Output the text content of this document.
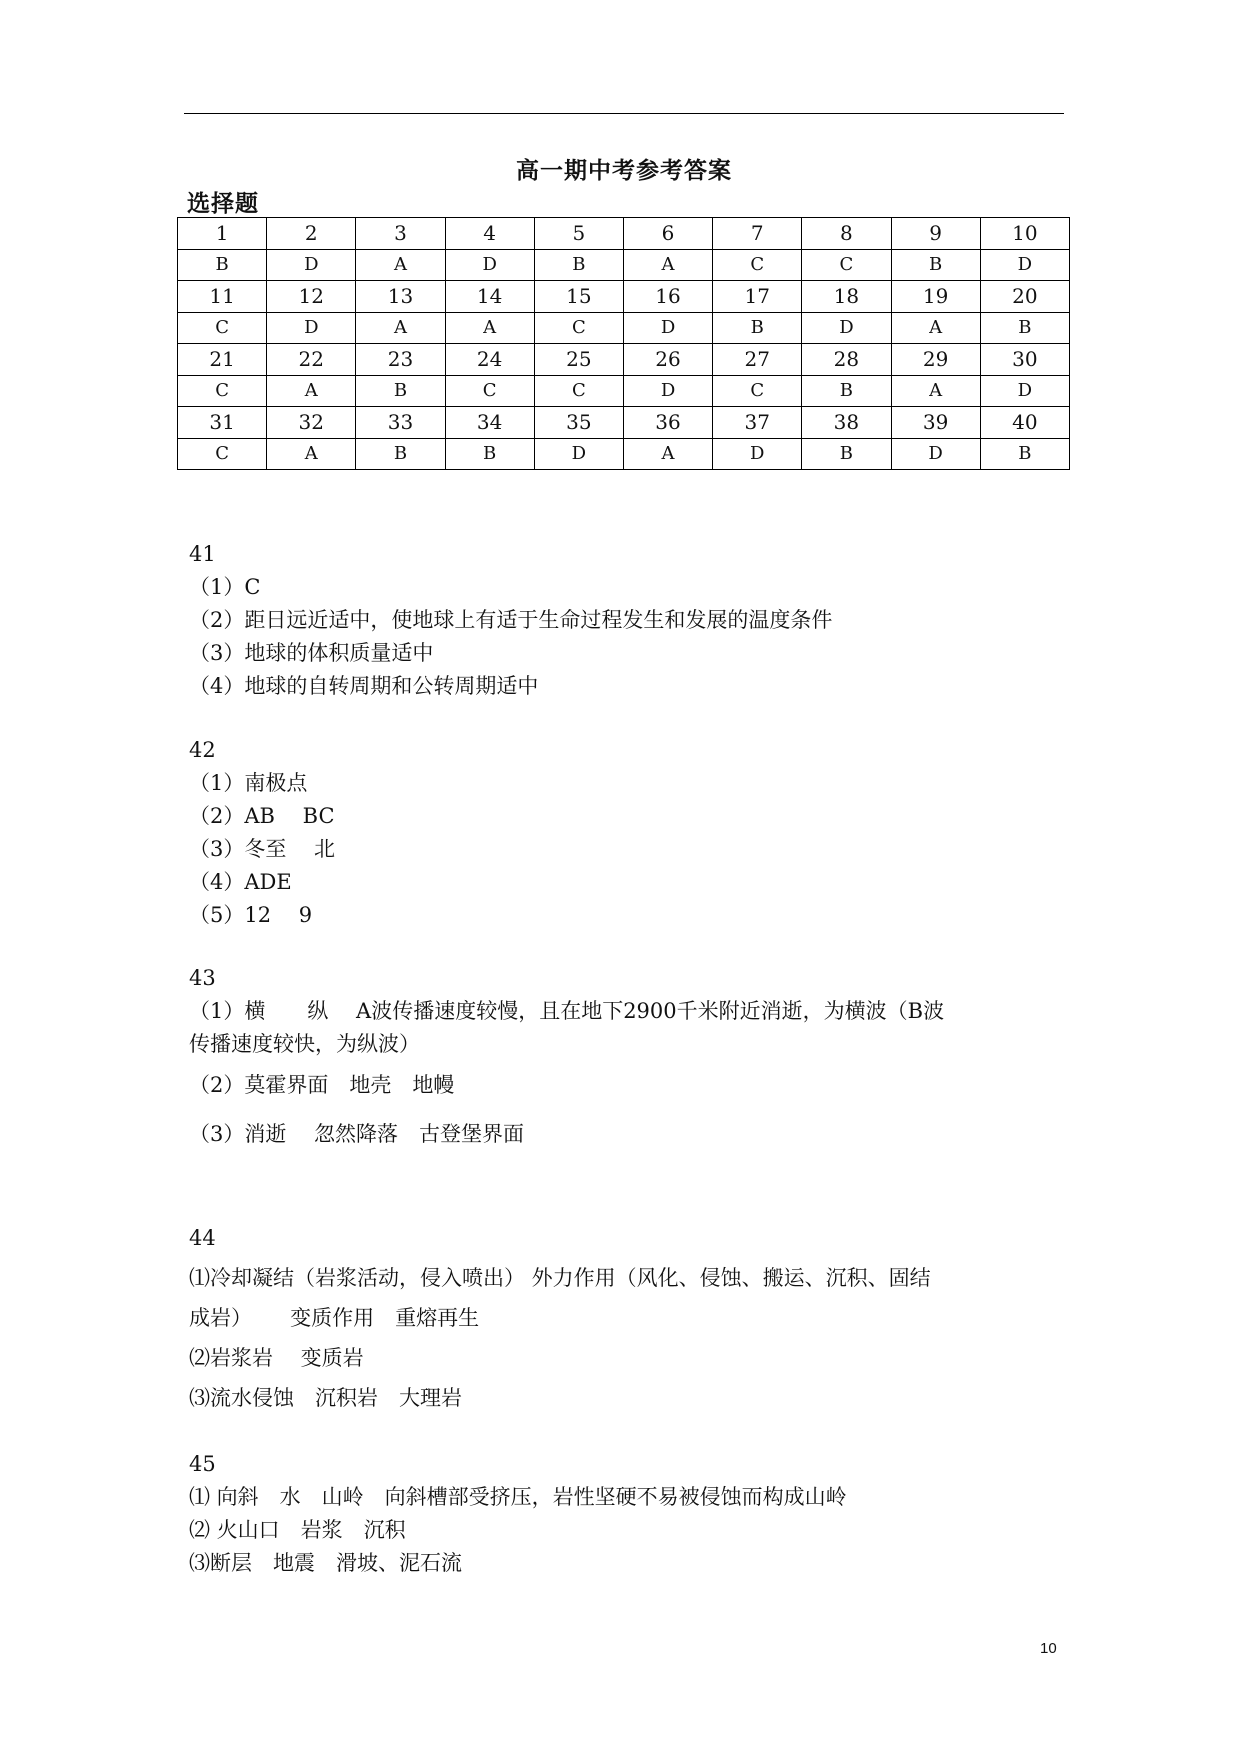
高一期中考参考答案
选择题
1	2	3	4	5	6	7	8	9	10
B	D	A	D	B	A	C	C	B	D
11	12	13	14	15	16	17	18	19	20
C	D	A	A	C	D	B	D	A	B
21	22	23	24	25	26	27	28	29	30
C	A	B	C	C	D	C	B	A	D
31	32	33	34	35	36	37	38	39	40
C	A	B	B	D	A	D	B	D	B
41
（1）C
（2）距日远近适中，使地球上有适于生命过程发生和发展的温度条件
（3）地球的体积质量适中
（4）地球的自转周期和公转周期适中
42
（1）南极点
（2）AB　 BC
（3）冬至　 北
（4）ADE
（5）12　 9
43
（1）横　　纵　 A波传播速度较慢，且在地下2900千米附近消逝，为横波（B波
传播速度较快，为纵波）
（2）莫霍界面　地壳　地幔
（3）消逝　 忽然降落　古登堡界面
44
⑴冷却凝结（岩浆活动，侵入喷出） 外力作用（风化、侵蚀、搬运、沉积、固结
成岩）　　 变质作用　重熔再生
⑵岩浆岩　 变质岩
⑶流水侵蚀　沉积岩　大理岩
45
⑴ 向斜　水　山岭　向斜槽部受挤压，岩性坚硬不易被侵蚀而构成山岭
⑵ 火山口　岩浆　沉积
⑶断层　地震　滑坡、泥石流
10
